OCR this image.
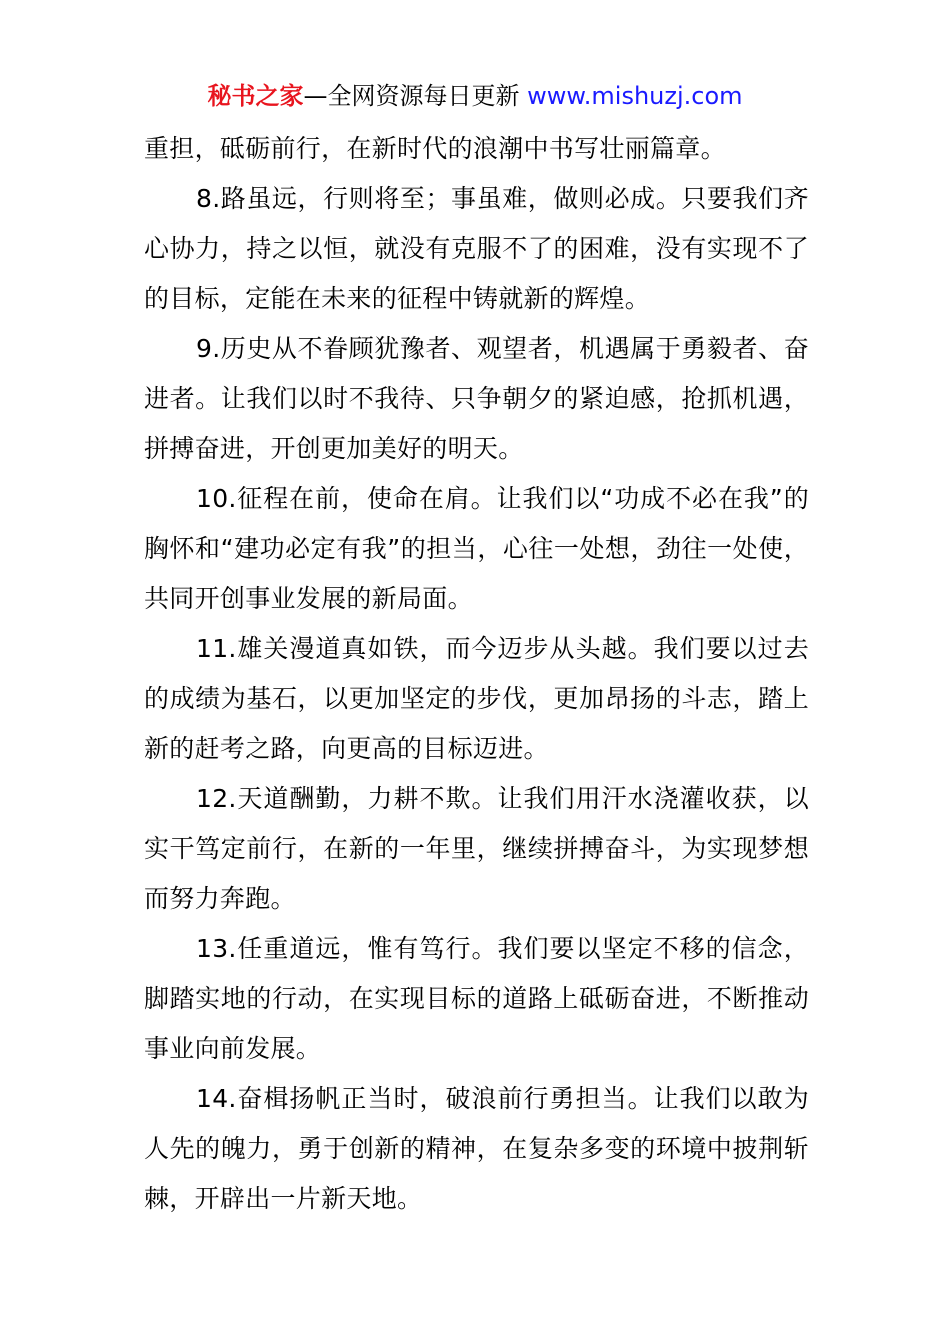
秘书之家—全网资源每日更新 www.mishuzj.com

重担，砥砺前行，在新时代的浪潮中书写壮丽篇章。

8.路虽远，行则将至；事虽难，做则必成。只要我们齐心协力，持之以恒，就没有克服不了的困难，没有实现不了的目标，定能在未来的征程中铸就新的辉煌。

9.历史从不眷顾犹豫者、观望者，机遇属于勇毅者、奋进者。让我们以时不我待、只争朝夕的紧迫感，抢抓机遇，拼搏奋进，开创更加美好的明天。

10.征程在前，使命在肩。让我们以“功成不必在我”的胸怀和“建功必定有我”的担当，心往一处想，劲往一处使，共同开创事业发展的新局面。

11.雄关漫道真如铁，而今迈步从头越。我们要以过去的成绩为基石，以更加坚定的步伐，更加昂扬的斗志，踏上新的赶考之路，向更高的目标迈进。

12.天道酬勤，力耕不欺。让我们用汗水浇灌收获，以实干笃定前行，在新的一年里，继续拼搏奋斗，为实现梦想而努力奔跑。

13.任重道远，惟有笃行。我们要以坚定不移的信念，脚踏实地的行动，在实现目标的道路上砥砺奋进，不断推动事业向前发展。

14.奋楫扬帆正当时，破浪前行勇担当。让我们以敢为人先的魄力，勇于创新的精神，在复杂多变的环境中披荆斩棘，开辟出一片新天地。
